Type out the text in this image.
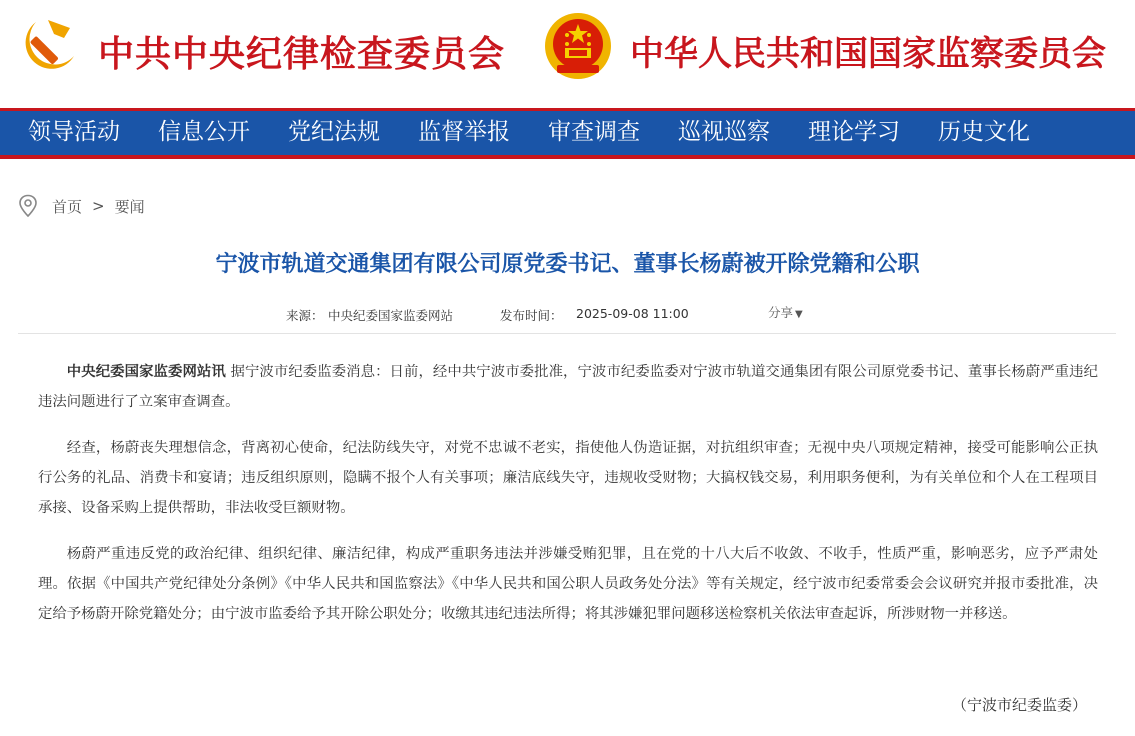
中共中央纪律检查委员会	中华人民共和国国家监察委员会
领导活动 信息公开 党纪法规 监督举报 审查调查 巡视巡察 理论学习 历史文化
首页 > 要闻
宁波市轨道交通集团有限公司原党委书记、董事长杨蔚被开除党籍和公职
来源： 中央纪委国家监委网站	发布时间： 2025-09-08 11:00	分享 ▼

中央纪委国家监委网站讯 据宁波市纪委监委消息：日前，经中共宁波市委批准，宁波市纪委监委对宁波市轨道交通集团有限公司原党委书记、董事长杨蔚严重违纪违法问题进行了立案审查调查。

经查，杨蔚丧失理想信念，背离初心使命，纪法防线失守，对党不忠诚不老实，指使他人伪造证据，对抗组织审查；无视中央八项规定精神，接受可能影响公正执行公务的礼品、消费卡和宴请；违反组织原则，隐瞒不报个人有关事项；廉洁底线失守，违规收受财物；大搞权钱交易，利用职务便利，为有关单位和个人在工程项目承接、设备采购上提供帮助，非法收受巨额财物。

杨蔚严重违反党的政治纪律、组织纪律、廉洁纪律，构成严重职务违法并涉嫌受贿犯罪，且在党的十八大后不收敛、不收手，性质严重，影响恶劣，应予严肃处理。依据《中国共产党纪律处分条例》《中华人民共和国监察法》《中华人民共和国公职人员政务处分法》等有关规定，经宁波市纪委常委会会议研究并报市委批准，决定给予杨蔚开除党籍处分；由宁波市监委给予其开除公职处分；收缴其违纪违法所得；将其涉嫌犯罪问题移送检察机关依法审查起诉，所涉财物一并移送。

（宁波市纪委监委）
